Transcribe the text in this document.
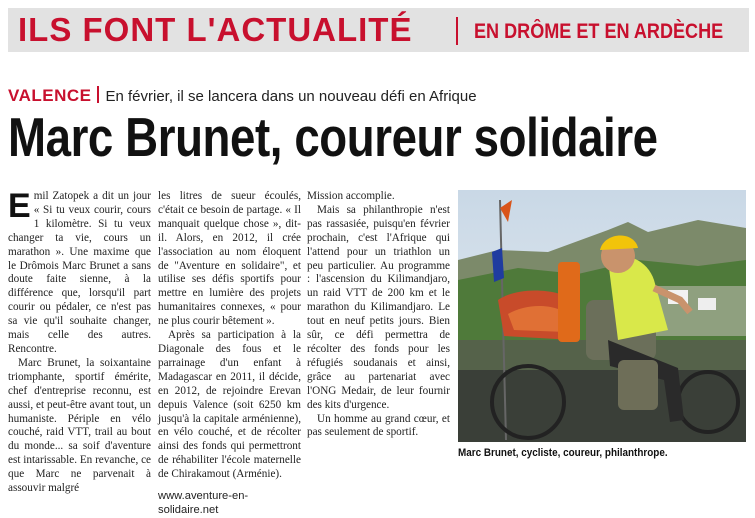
ILS FONT L'ACTUALITÉ	EN DRÔME ET EN ARDÈCHE
VALENCE En février, il se lancera dans un nouveau défi en Afrique
Marc Brunet, coureur solidaire

Emil Zatopek a dit un jour « Si tu veux courir, cours 1 kilomètre. Si tu veux changer ta vie, cours un marathon ». Une maxime que le Drômois Marc Brunet a sans doute faite sienne, à la différence que, lorsqu'il part courir ou pédaler, ce n'est pas sa vie qu'il souhaite changer, mais celle des autres. Rencontre.

Marc Brunet, la soixantaine triomphante, sportif émérite, chef d'entreprise reconnu, est aussi, et peut-être avant tout, un humaniste. Périple en vélo couché, raid VTT, trail au bout du monde... sa soif d'aventure est intarissable. En revanche, ce que Marc ne parvenait à assouvir malgré

les litres de sueur écoulés, c'était ce besoin de partage. « Il manquait quelque chose », dit-il. Alors, en 2012, il crée l'association au nom éloquent de "Aventure en solidaire", et utilise ses défis sportifs pour mettre en lumière des projets humanitaires connexes, « pour ne plus courir bêtement ».

Après sa participation à la Diagonale des fous et le parrainage d'un enfant à Madagascar en 2011, il décide, en 2012, de rejoindre Erevan depuis Valence (soit 6250 km jusqu'à la capitale arménienne), en vélo couché, et de récolter ainsi des fonds qui permettront de réhabiliter l'école maternelle de Chirakamout (Arménie).

www.aventure-en-solidaire.net

Mission accomplie.

Mais sa philanthropie n'est pas rassasiée, puisqu'en février prochain, c'est l'Afrique qui l'attend pour un triathlon un peu particulier. Au programme : l'ascension du Kilimandjaro, un raid VTT de 200 km et le marathon du Kilimandjaro. Le tout en neuf petits jours. Bien sûr, ce défi permettra de récolter des fonds pour les réfugiés soudanais et ainsi, grâce au partenariat avec l'ONG Medair, de leur fournir des kits d'urgence.

Un homme au grand cœur, et pas seulement de sportif.

Marc Brunet, cycliste, coureur, philanthrope.
